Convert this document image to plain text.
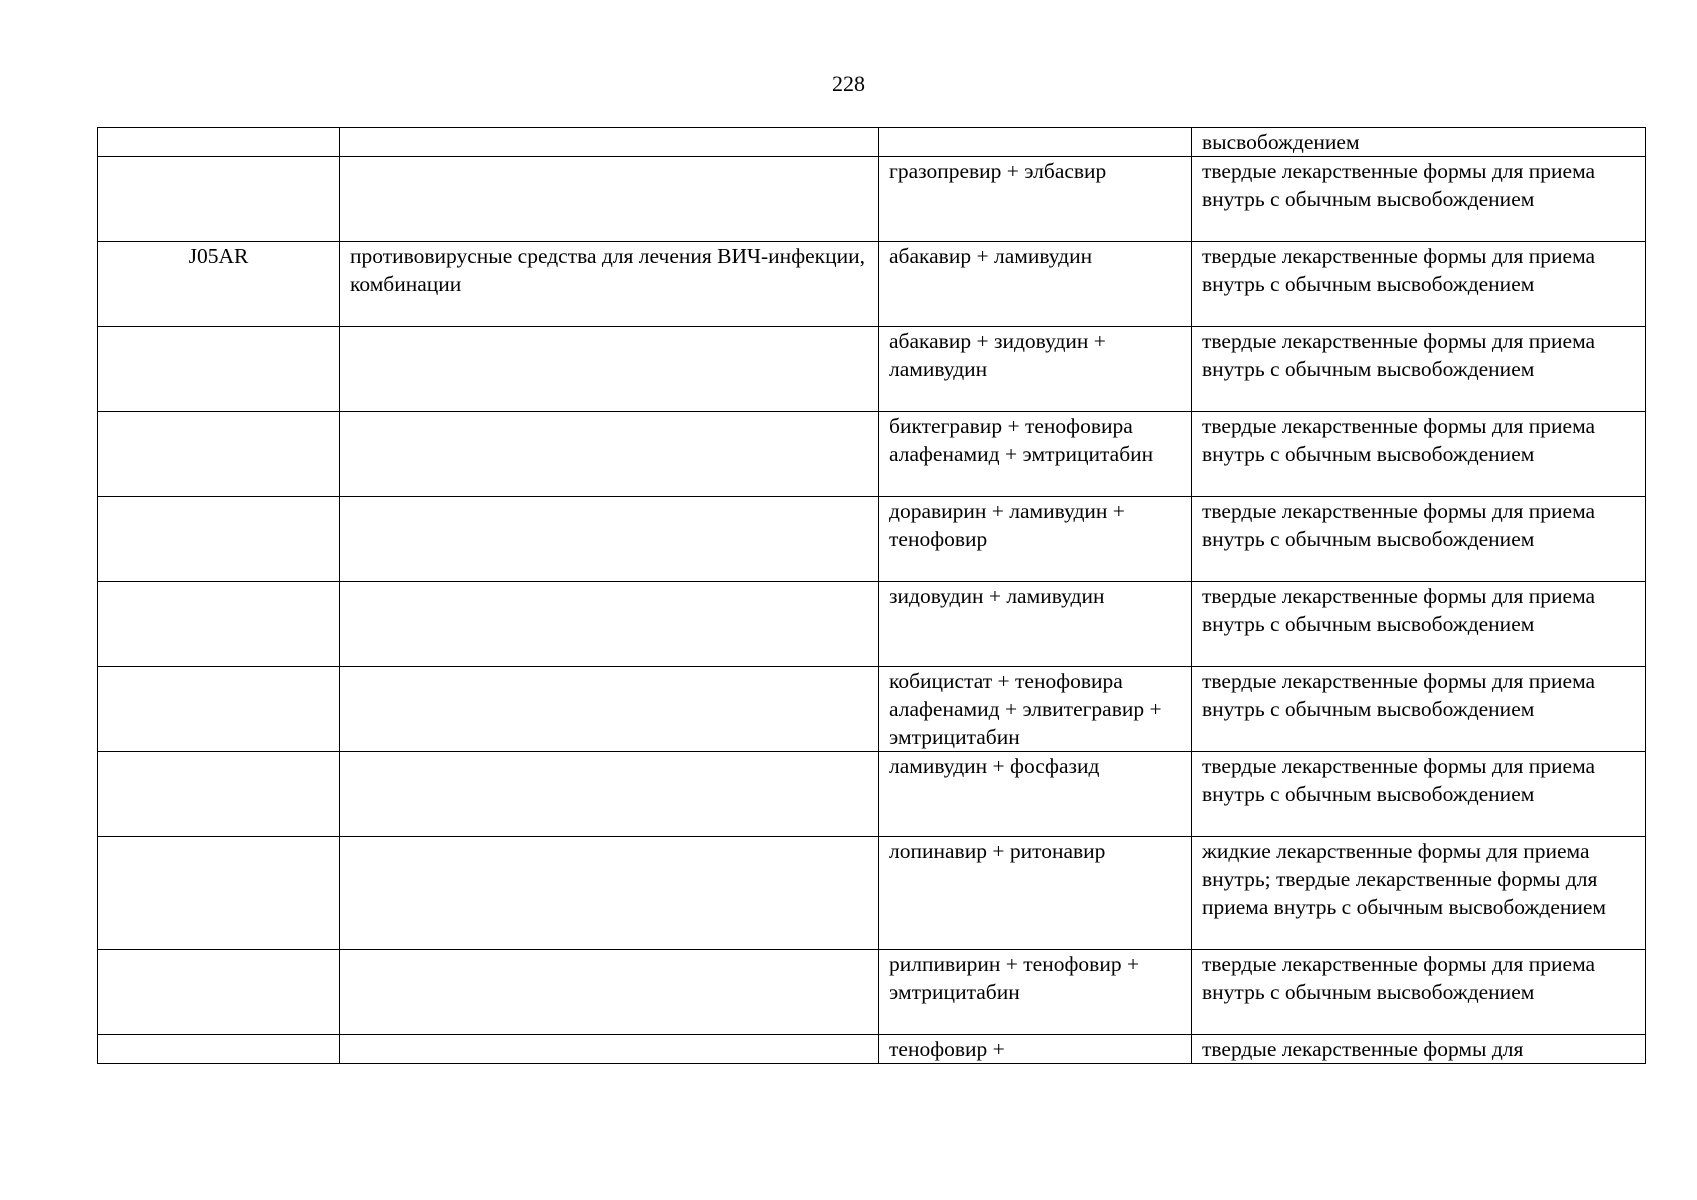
228
			высвобождением
		гразопревир + элбасвир	твердые лекарственные формы для приема внутрь с обычным высвобождением
J05AR	противовирусные средства для лечения ВИЧ-инфекции, комбинации	абакавир + ламивудин	твердые лекарственные формы для приема внутрь с обычным высвобождением
		абакавир + зидовудин + ламивудин	твердые лекарственные формы для приема внутрь с обычным высвобождением
		биктегравир + тенофовира алафенамид + эмтрицитабин	твердые лекарственные формы для приема внутрь с обычным высвобождением
		доравирин + ламивудин + тенофовир	твердые лекарственные формы для приема внутрь с обычным высвобождением
		зидовудин + ламивудин	твердые лекарственные формы для приема внутрь с обычным высвобождением
		кобицистат + тенофовира алафенамид + элвитегравир + эмтрицитабин	твердые лекарственные формы для приема внутрь с обычным высвобождением
		ламивудин + фосфазид	твердые лекарственные формы для приема внутрь с обычным высвобождением
		лопинавир + ритонавир	жидкие лекарственные формы для приема внутрь; твердые лекарственные формы для приема внутрь с обычным высвобождением
		рилпивирин + тенофовир + эмтрицитабин	твердые лекарственные формы для приема внутрь с обычным высвобождением
		тенофовир +	твердые лекарственные формы для
